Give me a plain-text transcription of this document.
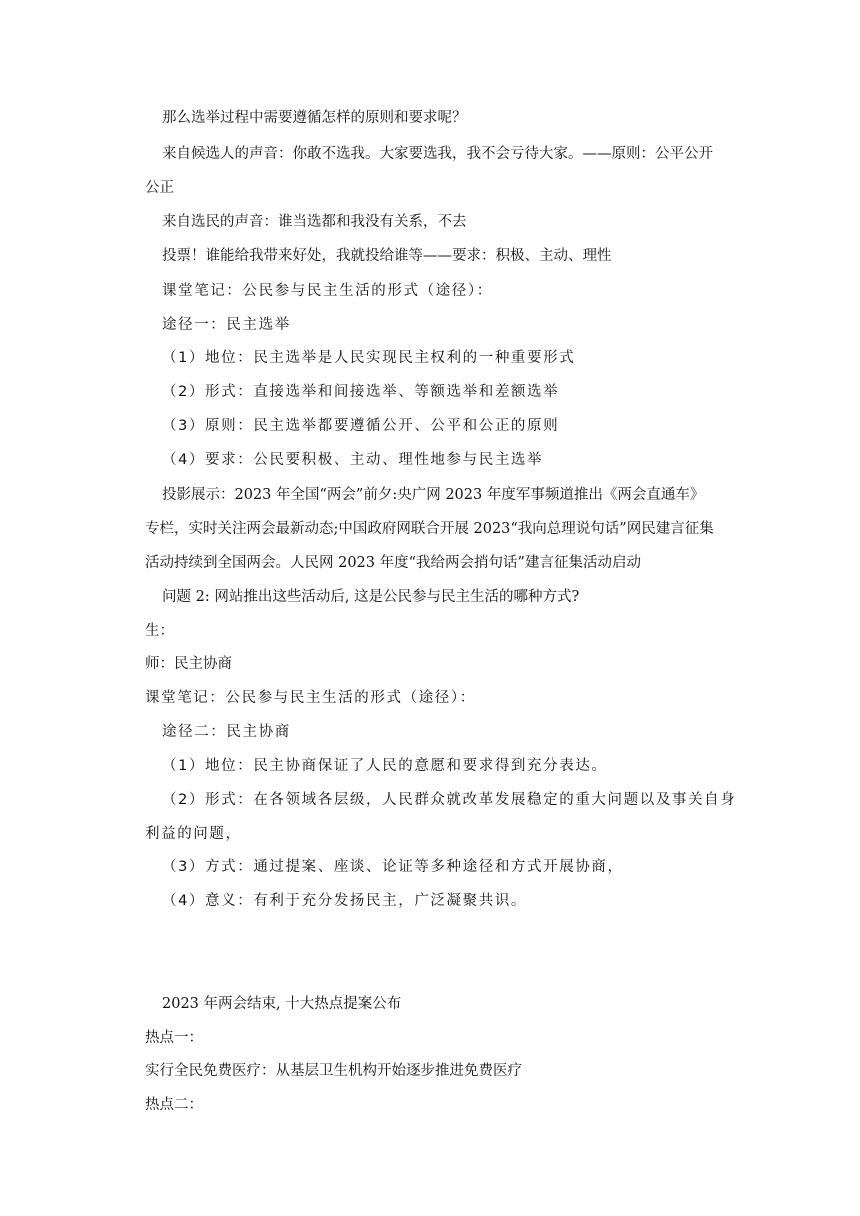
那么选举过程中需要遵循怎样的原则和要求呢？
来自候选人的声音：你敢不选我。大家要选我，我不会亏待大家。——原则：公平公开
公正
来自选民的声音：谁当选都和我没有关系，不去
投票！谁能给我带来好处，我就投给谁等——要求：积极、主动、理性
课堂笔记：公民参与民主生活的形式（途径）：
途径一：民主选举
（1）地位：民主选举是人民实现民主权利的一种重要形式
（2）形式：直接选举和间接选举、等额选举和差额选举
（3）原则：民主选举都要遵循公开、公平和公正的原则
（4）要求：公民要积极、主动、理性地参与民主选举
投影展示：2023 年全国“两会”前夕:央广网 2023 年度军事频道推出《两会直通车》
专栏，实时关注两会最新动态;中国政府网联合开展 2023“我向总理说句话”网民建言征集
活动持续到全国两会。人民网 2023 年度“我给两会捎句话”建言征集活动启动
问题 2: 网站推出这些活动后, 这是公民参与民主生活的哪种方式?
生：
师：民主协商
课堂笔记：公民参与民主生活的形式（途径）：
途径二：民主协商
（1）地位：民主协商保证了人民的意愿和要求得到充分表达。
（2）形式：在各领域各层级，人民群众就改革发展稳定的重大问题以及事关自身
利益的问题，
（3）方式：通过提案、座谈、论证等多种途径和方式开展协商，
（4）意义：有利于充分发扬民主，广泛凝聚共识。
2023 年两会结束, 十大热点提案公布
热点一：
实行全民免费医疗：从基层卫生机构开始逐步推进免费医疗
热点二：
